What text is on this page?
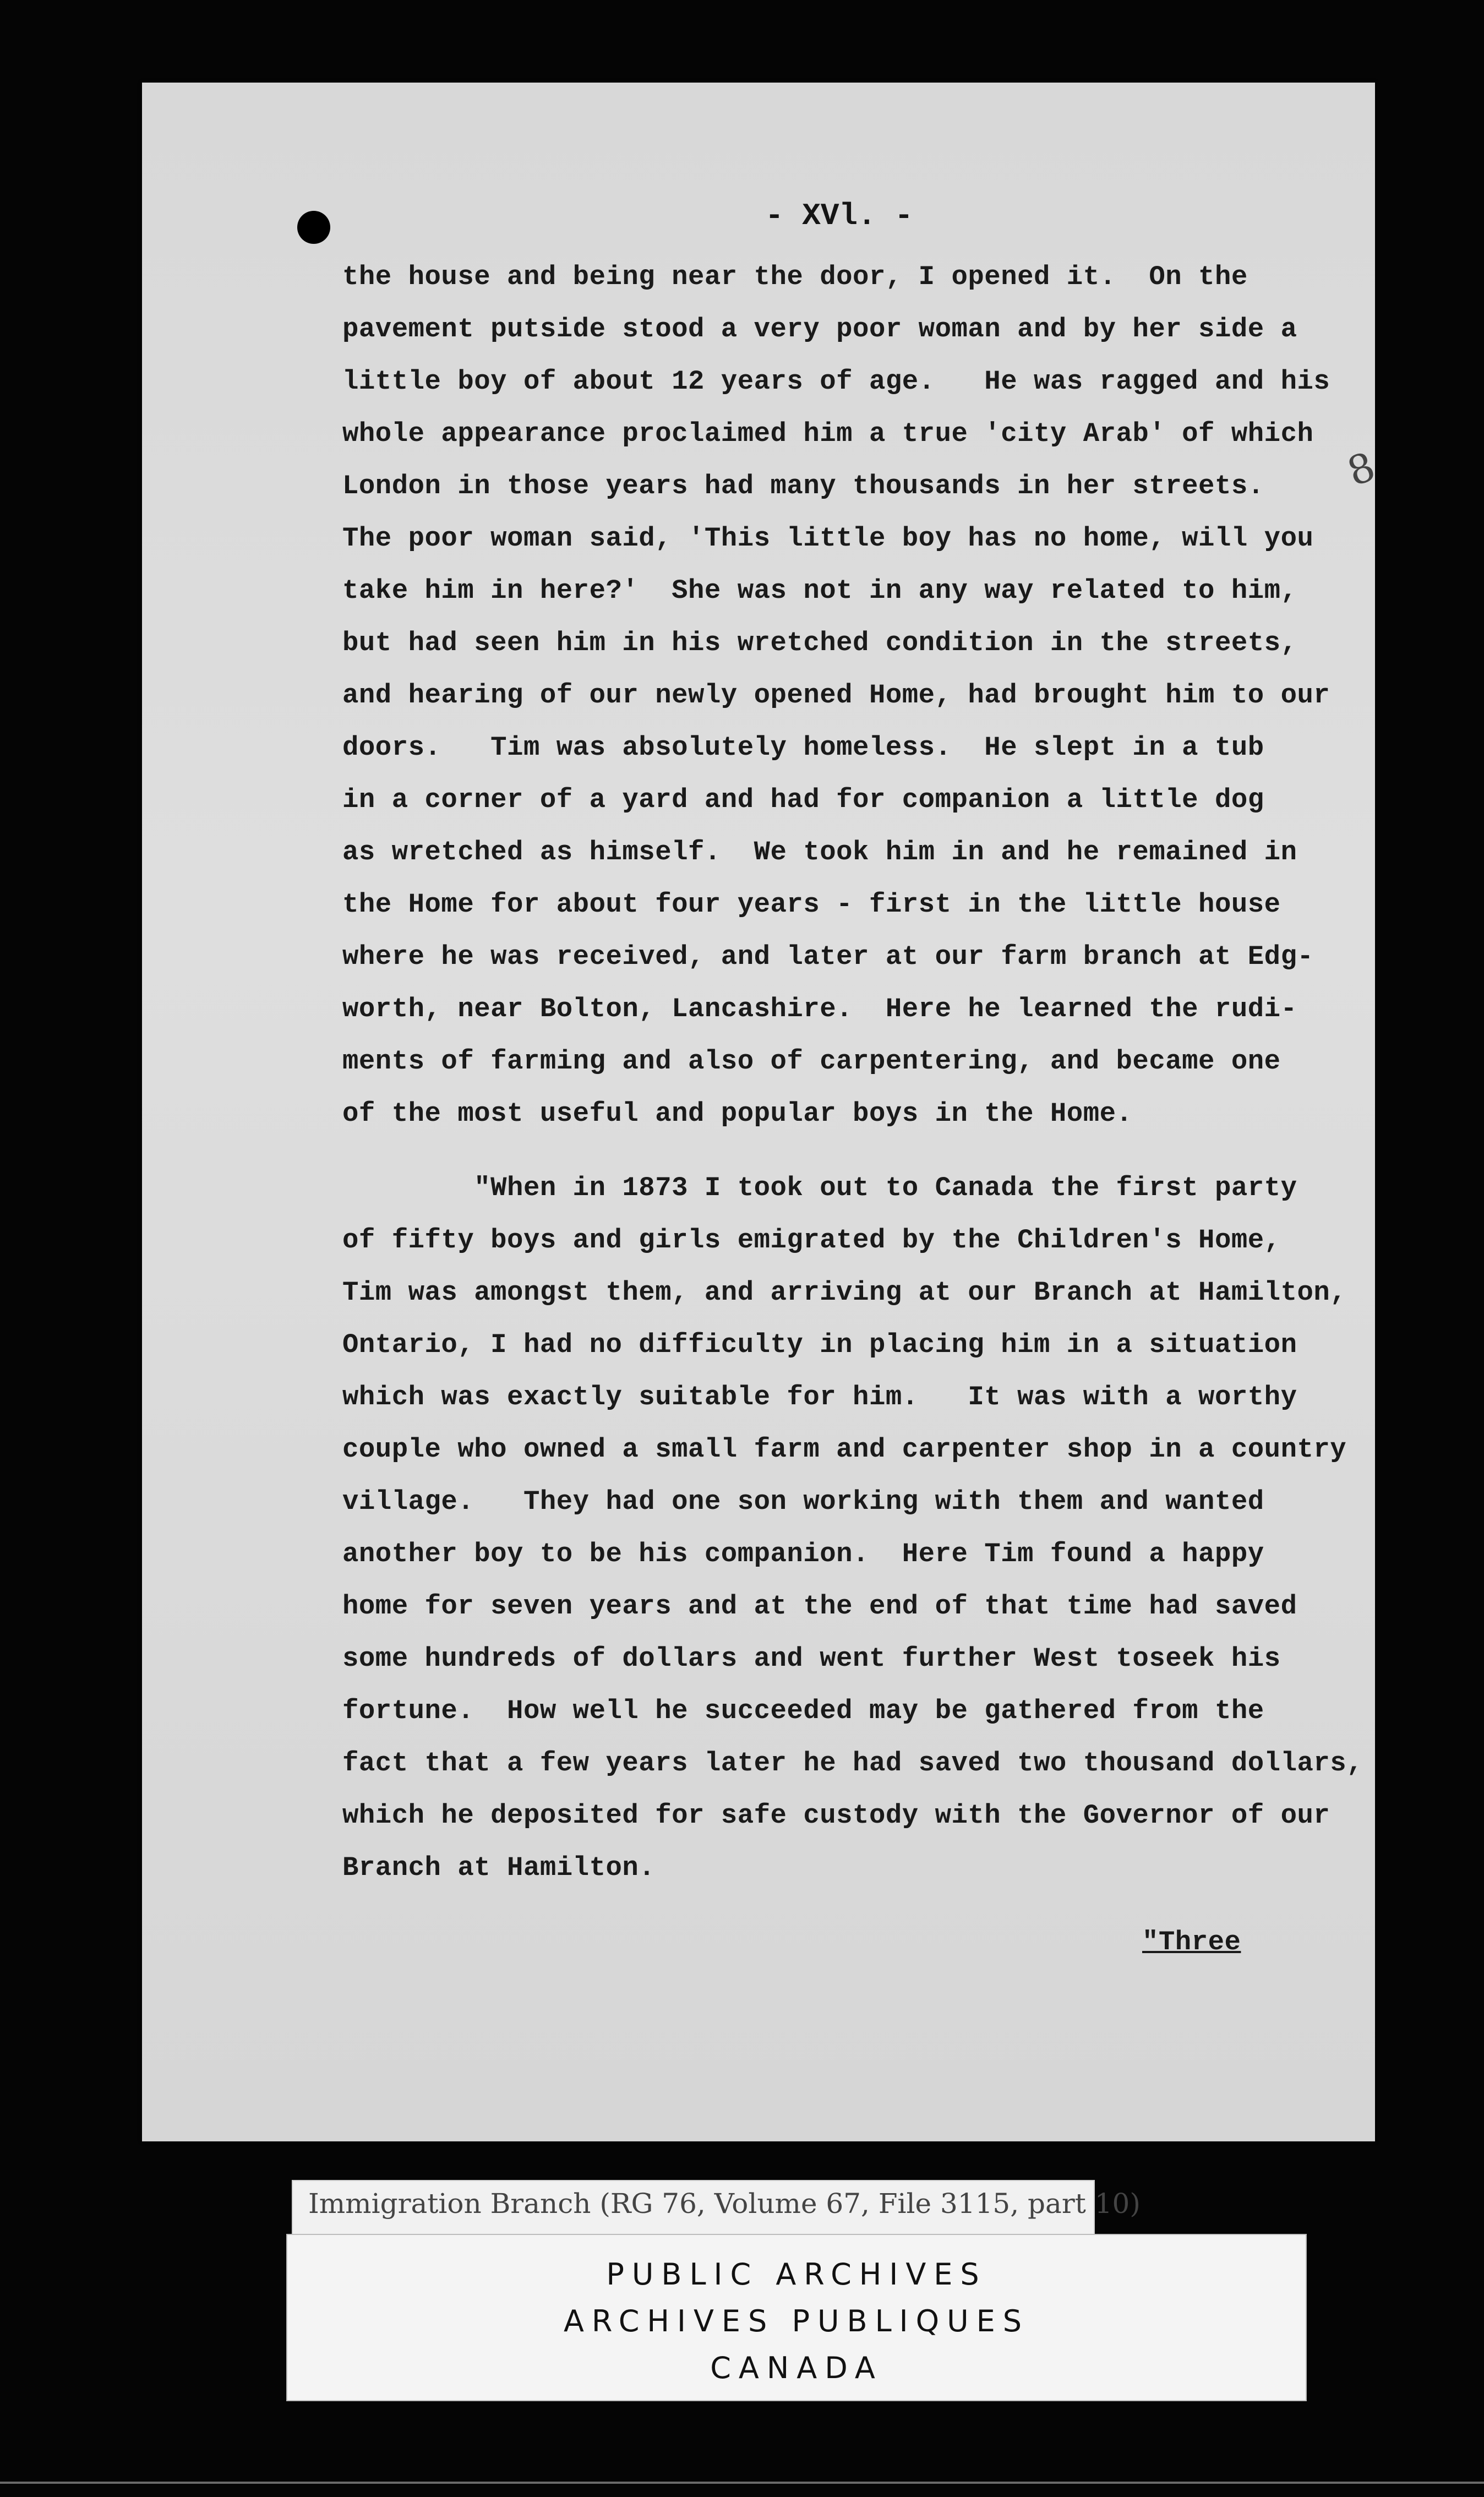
- XVl. -
the house and being near the door, I opened it.  On the
pavement putside stood a very poor woman and by her side a
little boy of about 12 years of age.   He was ragged and his
whole appearance proclaimed him a true 'city Arab' of which
London in those years had many thousands in her streets.
The poor woman said, 'This little boy has no home, will you
take him in here?'  She was not in any way related to him,
but had seen him in his wretched condition in the streets,
and hearing of our newly opened Home, had brought him to our
doors.   Tim was absolutely homeless.  He slept in a tub
in a corner of a yard and had for companion a little dog
as wretched as himself.  We took him in and he remained in
the Home for about four years - first in the little house
where he was received, and later at our farm branch at Edg-
worth, near Bolton, Lancashire.  Here he learned the rudi-
ments of farming and also of carpentering, and became one
of the most useful and popular boys in the Home.
"When in 1873 I took out to Canada the first party
of fifty boys and girls emigrated by the Children's Home,
Tim was amongst them, and arriving at our Branch at Hamilton,
Ontario, I had no difficulty in placing him in a situation
which was exactly suitable for him.   It was with a worthy
couple who owned a small farm and carpenter shop in a country
village.   They had one son working with them and wanted
another boy to be his companion.  Here Tim found a happy
home for seven years and at the end of that time had saved
some hundreds of dollars and went further West toseek his
fortune.  How well he succeeded may be gathered from the
fact that a few years later he had saved two thousand dollars,
which he deposited for safe custody with the Governor of our
Branch at Hamilton.
"Three
8
Immigration Branch (RG 76, Volume 67, File 3115, part 10)
PUBLIC ARCHIVES
ARCHIVES PUBLIQUES
CANADA
